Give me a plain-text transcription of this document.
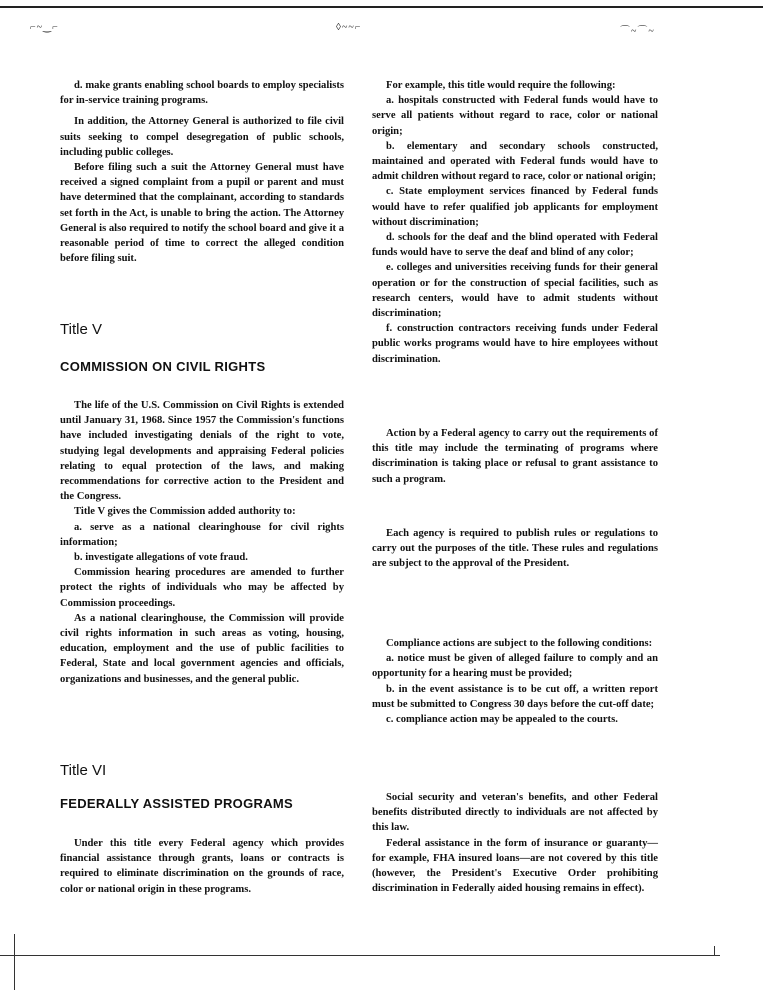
⌐~‿⌐	◊~~⌐	⌒~⌒~

d. make grants enabling school boards to employ specialists for in-service training programs.

In addition, the Attorney General is authorized to file civil suits seeking to compel desegregation of public schools, including public colleges.

Before filing such a suit the Attorney General must have received a signed complaint from a pupil or parent and must have determined that the complainant, according to standards set forth in the Act, is unable to bring the action. The Attorney General is also required to notify the school board and give it a reasonable period of time to correct the alleged condition before filing suit.

Title V
COMMISSION ON CIVIL RIGHTS

The life of the U.S. Commission on Civil Rights is extended until January 31, 1968. Since 1957 the Commission's functions have included investigating denials of the right to vote, studying legal developments and appraising Federal policies relating to equal protection of the laws, and making recommendations for corrective action to the President and the Congress.

Title V gives the Commission added authority to:

a. serve as a national clearinghouse for civil rights information;

b. investigate allegations of vote fraud.

Commission hearing procedures are amended to further protect the rights of individuals who may be affected by Commission proceedings.

As a national clearinghouse, the Commission will provide civil rights information in such areas as voting, housing, education, employment and the use of public facilities to Federal, State and local government agencies and officials, organizations and businesses, and the general public.

Title VI
FEDERALLY ASSISTED PROGRAMS

Under this title every Federal agency which provides financial assistance through grants, loans or contracts is required to eliminate discrimination on the grounds of race, color or national origin in these programs.

For example, this title would require the following:

a. hospitals constructed with Federal funds would have to serve all patients without regard to race, color or national origin;

b. elementary and secondary schools constructed, maintained and operated with Federal funds would have to admit children without regard to race, color or national origin;

c. State employment services financed by Federal funds would have to refer qualified job applicants for employment without discrimination;

d. schools for the deaf and the blind operated with Federal funds would have to serve the deaf and blind of any color;

e. colleges and universities receiving funds for their general operation or for the construction of special facilities, such as research centers, would have to admit students without discrimination;

f. construction contractors receiving funds under Federal public works programs would have to hire employees without discrimination.

Action by a Federal agency to carry out the requirements of this title may include the terminating of programs where discrimination is taking place or refusal to grant assistance to such a program.

Each agency is required to publish rules or regulations to carry out the purposes of the title. These rules and regulations are subject to the approval of the President.

Compliance actions are subject to the following conditions:

a. notice must be given of alleged failure to comply and an opportunity for a hearing must be provided;

b. in the event assistance is to be cut off, a written report must be submitted to Congress 30 days before the cut-off date;

c. compliance action may be appealed to the courts.

Social security and veteran's benefits, and other Federal benefits distributed directly to individuals are not affected by this law.

Federal assistance in the form of insurance or guaranty—for example, FHA insured loans—are not covered by this title (however, the President's Executive Order prohibiting discrimination in Federally aided housing remains in effect).
